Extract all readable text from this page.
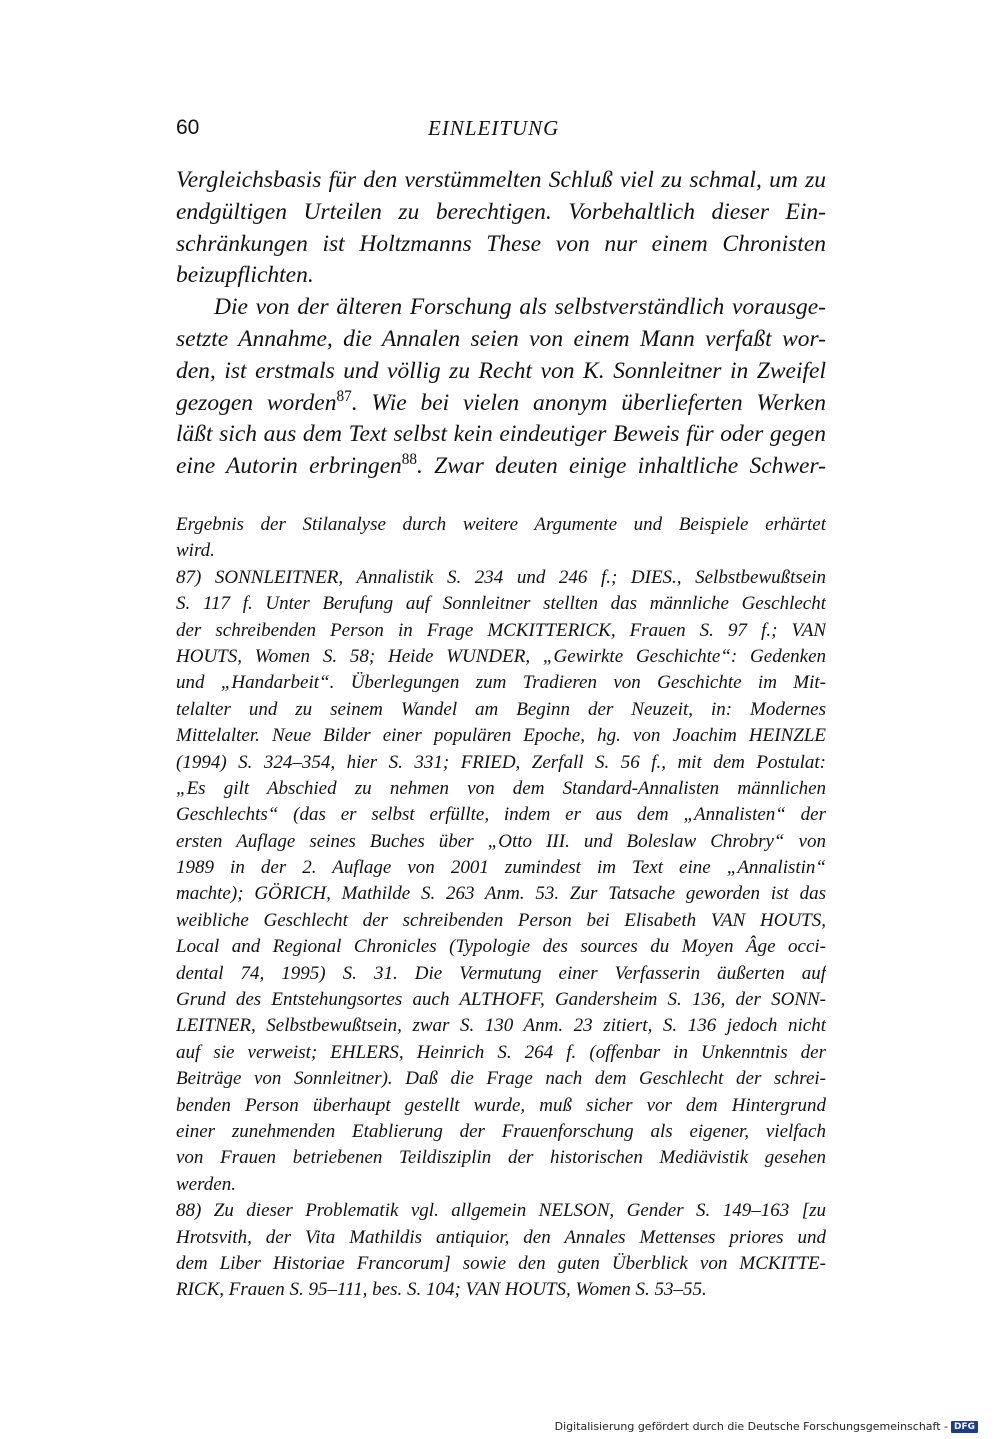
60	EINLEITUNG
Vergleichsbasis für den verstümmelten Schluß viel zu schmal, um zu
endgültigen Urteilen zu berechtigen. Vorbehaltlich dieser Ein-
schränkungen ist Holtzmanns These von nur einem Chronisten
beizupflichten.
Die von der älteren Forschung als selbstverständlich vorausge-
setzte Annahme, die Annalen seien von einem Mann verfaßt wor-
den, ist erstmals und völlig zu Recht von K. Sonnleitner in Zweifel
gezogen worden$^{87}$. Wie bei vielen anonym überlieferten Werken
läßt sich aus dem Text selbst kein eindeutiger Beweis für oder gegen
eine Autorin erbringen$^{88}$. Zwar deuten einige inhaltliche Schwer-
Ergebnis der Stilanalyse durch weitere Argumente und Beispiele erhärtet
wird.
87) SONNLEITNER, Annalistik S. 234 und 246 f.; DIES., Selbstbewußtsein
S. 117 f. Unter Berufung auf Sonnleitner stellten das männliche Geschlecht
der schreibenden Person in Frage MCKITTERICK, Frauen S. 97 f.; VAN
HOUTS, Women S. 58; Heide WUNDER, „Gewirkte Geschichte“: Gedenken
und „Handarbeit“. Überlegungen zum Tradieren von Geschichte im Mit-
telalter und zu seinem Wandel am Beginn der Neuzeit, in: Modernes
Mittelalter. Neue Bilder einer populären Epoche, hg. von Joachim HEINZLE
(1994) S. 324–354, hier S. 331; FRIED, Zerfall S. 56 f., mit dem Postulat:
„Es gilt Abschied zu nehmen von dem Standard-Annalisten männlichen
Geschlechts“ (das er selbst erfüllte, indem er aus dem „Annalisten“ der
ersten Auflage seines Buches über „Otto III. und Boleslaw Chrobry“ von
1989 in der 2. Auflage von 2001 zumindest im Text eine „Annalistin“
machte); GÖRICH, Mathilde S. 263 Anm. 53. Zur Tatsache geworden ist das
weibliche Geschlecht der schreibenden Person bei Elisabeth VAN HOUTS,
Local and Regional Chronicles (Typologie des sources du Moyen Âge occi-
dental 74, 1995) S. 31. Die Vermutung einer Verfasserin äußerten auf
Grund des Entstehungsortes auch ALTHOFF, Gandersheim S. 136, der SONN-
LEITNER, Selbstbewußtsein, zwar S. 130 Anm. 23 zitiert, S. 136 jedoch nicht
auf sie verweist; EHLERS, Heinrich S. 264 f. (offenbar in Unkenntnis der
Beiträge von Sonnleitner). Daß die Frage nach dem Geschlecht der schrei-
benden Person überhaupt gestellt wurde, muß sicher vor dem Hintergrund
einer zunehmenden Etablierung der Frauenforschung als eigener, vielfach
von Frauen betriebenen Teildisziplin der historischen Mediävistik gesehen
werden.
88) Zu dieser Problematik vgl. allgemein NELSON, Gender S. 149–163 [zu
Hrotsvith, der Vita Mathildis antiquior, den Annales Mettenses priores und
dem Liber Historiae Francorum] sowie den guten Überblick von MCKITTE-
RICK, Frauen S. 95–111, bes. S. 104; VAN HOUTS, Women S. 53–55.
Digitalisierung gefördert durch die Deutsche Forschungsgemeinschaft - DFG
